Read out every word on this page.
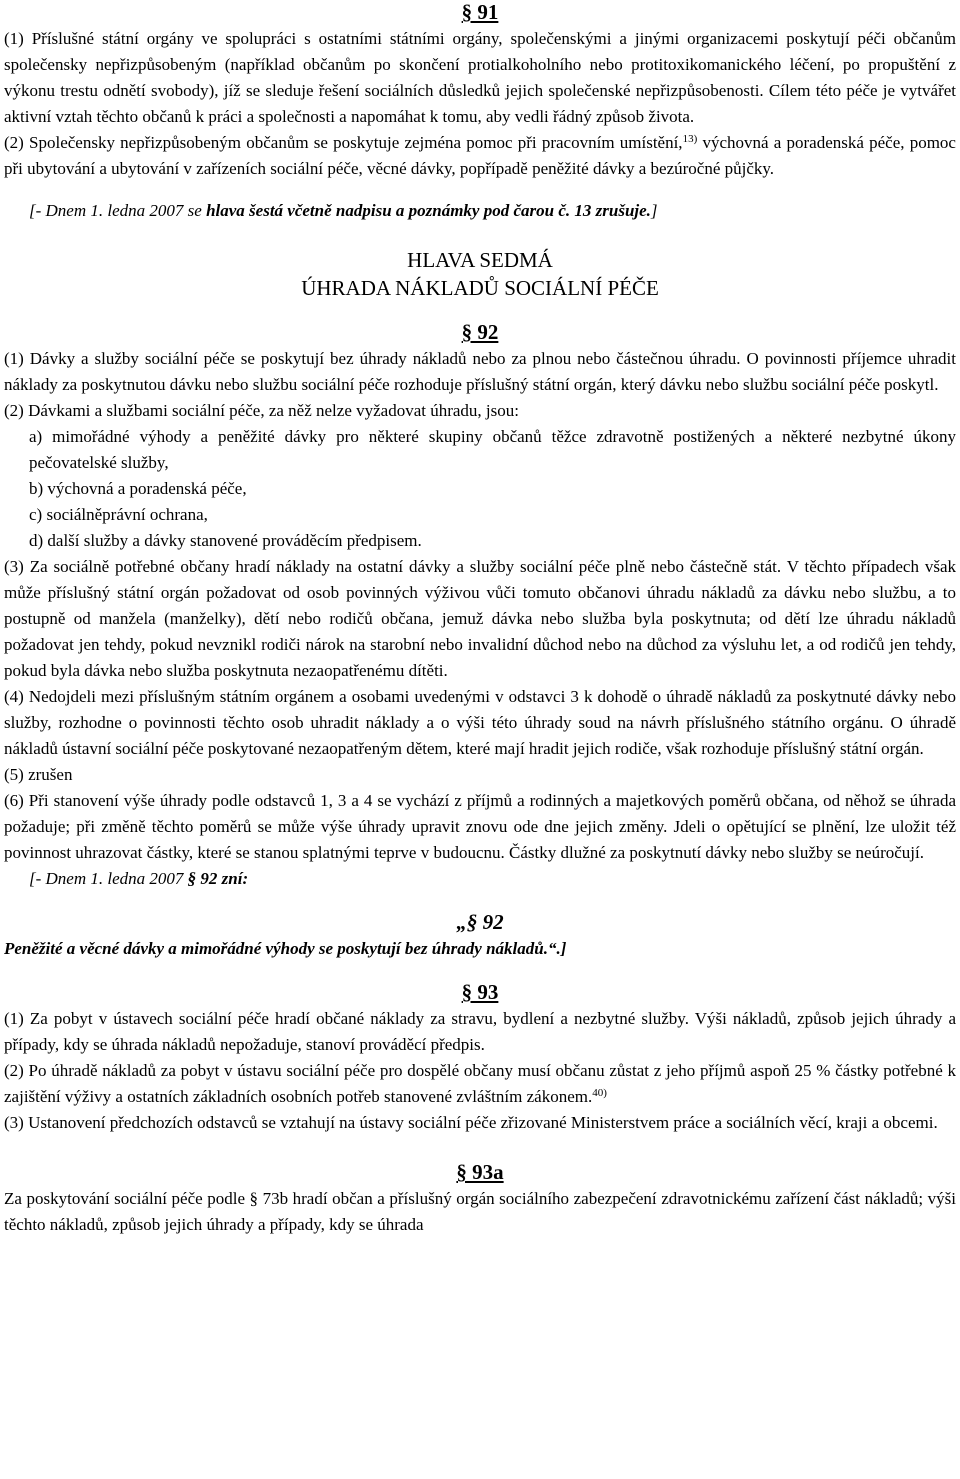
§ 91

(1) Příslušné státní orgány ve spolupráci s ostatními státními orgány, společenskými a jinými organizacemi poskytují péči občanům společensky nepřizpůsobeným (například občanům po skončení protialkoholního nebo protitoxikomanického léčení, po propuštění z výkonu trestu odnětí svobody), jíž se sleduje řešení sociálních důsledků jejich společenské nepřizpůsobenosti. Cílem této péče je vytvářet aktivní vztah těchto občanů k práci a společnosti a napomáhat k tomu, aby vedli řádný způsob života.

(2) Společensky nepřizpůsobeným občanům se poskytuje zejména pomoc při pracovním umístění,$^{13)}$ výchovná a poradenská péče, pomoc při ubytování a ubytování v zařízeních sociální péče, věcné dávky, popřípadě peněžité dávky a bezúročné půjčky.

[- Dnem 1. ledna 2007 se hlava šestá včetně nadpisu a poznámky pod čarou č. 13 zrušuje.]

HLAVA SEDMÁ
ÚHRADA NÁKLADŮ SOCIÁLNÍ PÉČE
§ 92

(1) Dávky a služby sociální péče se poskytují bez úhrady nákladů nebo za plnou nebo částečnou úhradu. O povinnosti příjemce uhradit náklady za poskytnutou dávku nebo službu sociální péče rozhoduje příslušný státní orgán, který dávku nebo službu sociální péče poskytl.

(2) Dávkami a službami sociální péče, za něž nelze vyžadovat úhradu, jsou:

a) mimořádné výhody a peněžité dávky pro některé skupiny občanů těžce zdravotně postižených a některé nezbytné úkony pečovatelské služby,

b) výchovná a poradenská péče,

c) sociálněprávní ochrana,

d) další služby a dávky stanovené prováděcím předpisem.

(3) Za sociálně potřebné občany hradí náklady na ostatní dávky a služby sociální péče plně nebo částečně stát. V těchto případech však může příslušný státní orgán požadovat od osob povinných výživou vůči tomuto občanovi úhradu nákladů za dávku nebo službu, a to postupně od manžela (manželky), dětí nebo rodičů občana, jemuž dávka nebo služba byla poskytnuta; od dětí lze úhradu nákladů požadovat jen tehdy, pokud nevznikl rodiči nárok na starobní nebo invalidní důchod nebo na důchod za výsluhu let, a od rodičů jen tehdy, pokud byla dávka nebo služba poskytnuta nezaopatřenému dítěti.

(4) Nedojdeli mezi příslušným státním orgánem a osobami uvedenými v odstavci 3 k dohodě o úhradě nákladů za poskytnuté dávky nebo služby, rozhodne o povinnosti těchto osob uhradit náklady a o výši této úhrady soud na návrh příslušného státního orgánu. O úhradě nákladů ústavní sociální péče poskytované nezaopatřeným dětem, které mají hradit jejich rodiče, však rozhoduje příslušný státní orgán.

(5) zrušen

(6) Při stanovení výše úhrady podle odstavců 1, 3 a 4 se vychází z příjmů a rodinných a majetkových poměrů občana, od něhož se úhrada požaduje; při změně těchto poměrů se může výše úhrady upravit znovu ode dne jejich změny. Jdeli o opětující se plnění, lze uložit též povinnost uhrazovat částky, které se stanou splatnými teprve v budoucnu. Částky dlužné za poskytnutí dávky nebo služby se neúročují.

[- Dnem 1. ledna 2007 § 92 zní:

„§ 92

Peněžité a věcné dávky a mimořádné výhody se poskytují bez úhrady nákladů.“.]

§ 93

(1) Za pobyt v ústavech sociální péče hradí občané náklady za stravu, bydlení a nezbytné služby. Výši nákladů, způsob jejich úhrady a případy, kdy se úhrada nákladů nepožaduje, stanoví prováděcí předpis.

(2) Po úhradě nákladů za pobyt v ústavu sociální péče pro dospělé občany musí občanu zůstat z jeho příjmů aspoň 25 % částky potřebné k zajištění výživy a ostatních základních osobních potřeb stanovené zvláštním zákonem.$^{40)}$

(3) Ustanovení předchozích odstavců se vztahují na ústavy sociální péče zřizované Ministerstvem práce a sociálních věcí, kraji a obcemi.

§ 93a

Za poskytování sociální péče podle § 73b hradí občan a příslušný orgán sociálního zabezpečení zdravotnickému zařízení část nákladů; výši těchto nákladů, způsob jejich úhrady a případy, kdy se úhrada
